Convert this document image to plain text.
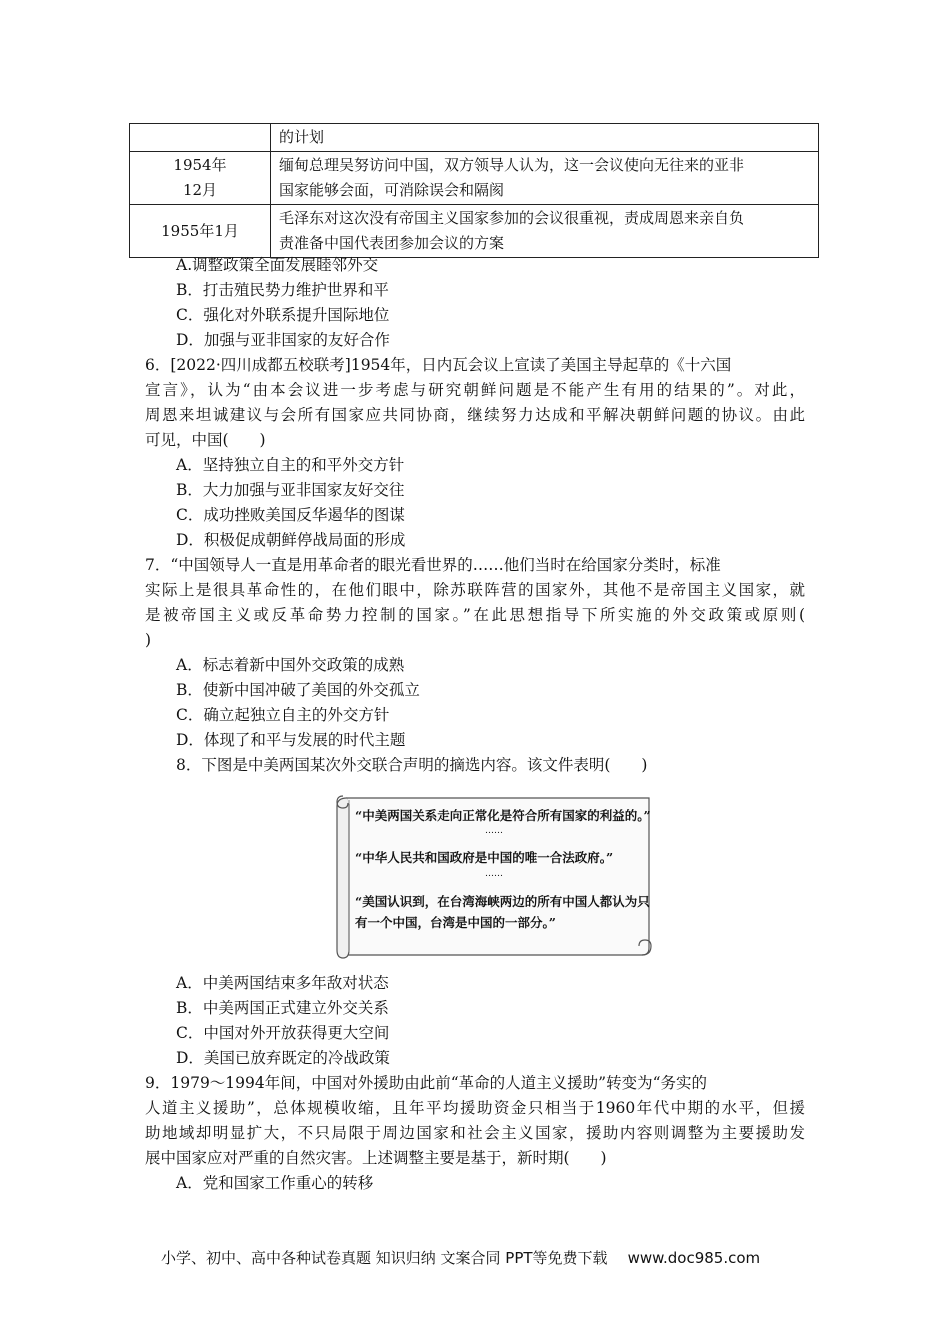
	的计划
1954年
12月	缅甸总理吴努访问中国，双方领导人认为，这一会议使向无往来的亚非
国家能够会面，可消除误会和隔阂
1955年1月	毛泽东对这次没有帝国主义国家参加的会议很重视，责成周恩来亲自负
责准备中国代表团参加会议的方案
A.调整政策全面发展睦邻外交
B．打击殖民势力维护世界和平
C．强化对外联系提升国际地位
D．加强与亚非国家的友好合作
6．[2022·四川成都五校联考]1954年，日内瓦会议上宣读了美国主导起草的《十六国
宣言》，认为“由本会议进一步考虑与研究朝鲜问题是不能产生有用的结果的”。对此，
周恩来坦诚建议与会所有国家应共同协商，继续努力达成和平解决朝鲜问题的协议。由此
可见，中国(　　)
A．坚持独立自主的和平外交方针
B．大力加强与亚非国家友好交往
C．成功挫败美国反华遏华的图谋
D．积极促成朝鲜停战局面的形成
7．“中国领导人一直是用革命者的眼光看世界的……他们当时在给国家分类时，标准
实际上是很具革命性的，在他们眼中，除苏联阵营的国家外，其他不是帝国主义国家，就
是被帝国主义或反革命势力控制的国家。”在此思想指导下所实施的外交政策或原则(
)
A．标志着新中国外交政策的成熟
B．使新中国冲破了美国的外交孤立
C．确立起独立自主的外交方针
D．体现了和平与发展的时代主题
8．下图是中美两国某次外交联合声明的摘选内容。该文件表明(　　)
“中美两国关系走向正常化是符合所有国家的利益的。”
……
“中华人民共和国政府是中国的唯一合法政府。”
……
“美国认识到，在台湾海峡两边的所有中国人都认为只
有一个中国，台湾是中国的一部分。”
A．中美两国结束多年敌对状态
B．中美两国正式建立外交关系
C．中国对外开放获得更大空间
D．美国已放弃既定的冷战政策
9．1979～1994年间，中国对外援助由此前“革命的人道主义援助”转变为“务实的
人道主义援助”，总体规模收缩，且年平均援助资金只相当于1960年代中期的水平，但援
助地域却明显扩大，不只局限于周边国家和社会主义国家，援助内容则调整为主要援助发
展中国家应对严重的自然灾害。上述调整主要是基于，新时期(　　)
A．党和国家工作重心的转移
小学、初中、高中各种试卷真题 知识归纳 文案合同 PPT等免费下载 www.doc985.com
